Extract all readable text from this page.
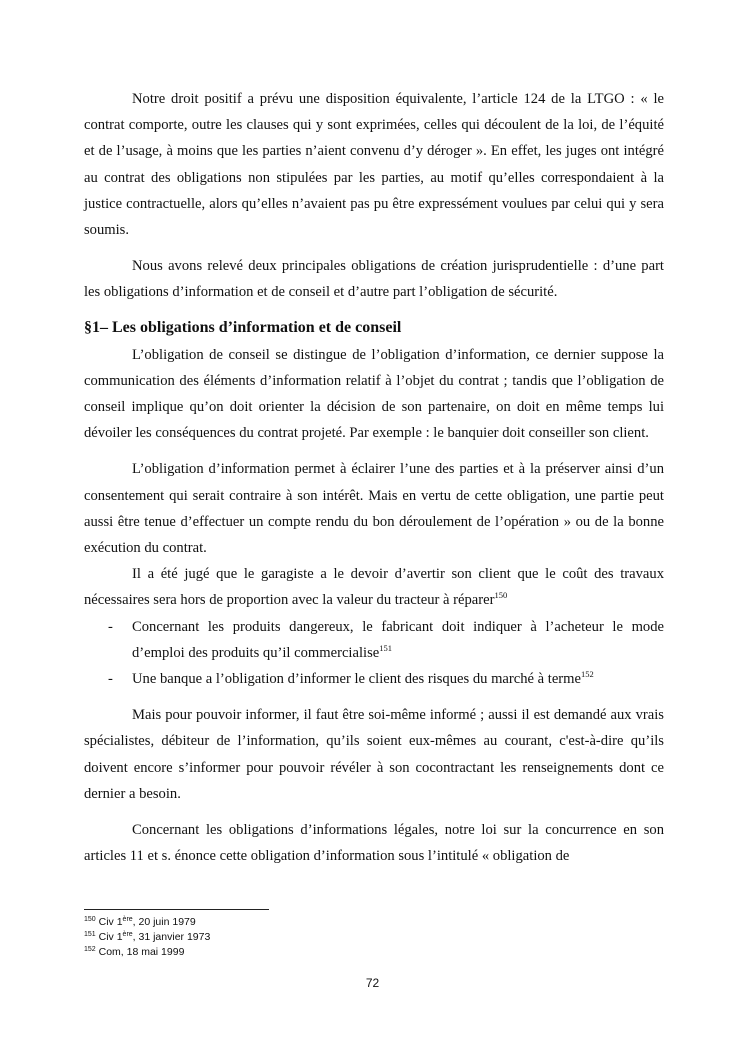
Notre droit positif a prévu une disposition équivalente, l’article 124 de la LTGO : « le contrat comporte, outre les clauses qui y sont exprimées, celles qui découlent de la loi, de l’équité et de l’usage, à moins que les parties n’aient convenu d’y déroger ». En effet, les juges ont intégré au contrat des obligations non stipulées par les parties, au motif qu’elles correspondaient à la justice contractuelle, alors qu’elles n’avaient pas pu être expressément voulues par celui qui y sera soumis.

Nous avons relevé deux principales obligations de création jurisprudentielle : d’une part les obligations d’information et de conseil et d’autre part l’obligation de sécurité.

§1– Les obligations d’information et de conseil

L’obligation de conseil se distingue de l’obligation d’information, ce dernier suppose la communication des éléments d’information relatif à l’objet du contrat ; tandis que l’obligation de conseil implique qu’on doit orienter la décision de son partenaire, on doit en même temps lui dévoiler les conséquences du contrat projeté. Par exemple : le banquier doit conseiller son client.

L’obligation d’information permet à éclairer l’une des parties et à la préserver ainsi d’un consentement qui serait contraire à son intérêt. Mais en vertu de cette obligation, une partie peut aussi être tenue d’effectuer un compte rendu du bon déroulement de l’opération » ou de la bonne exécution du contrat.

Il a été jugé que le garagiste a le devoir d’avertir son client que le coût des travaux nécessaires sera hors de proportion avec la valeur du tracteur à réparer$^{150}$

- Concernant les produits dangereux, le fabricant doit indiquer à l’acheteur le mode d’emploi des produits qu’il commercialise$^{151}$
- Une banque a l’obligation d’informer le client des risques du marché à terme$^{152}$

Mais pour pouvoir informer, il faut être soi-même informé ; aussi il est demandé aux vrais spécialistes, débiteur de l’information, qu’ils soient eux-mêmes au courant, c'est-à-dire qu’ils doivent encore s’informer pour pouvoir révéler à son cocontractant les renseignements dont ce dernier a besoin.

Concernant les obligations d’informations légales, notre loi sur la concurrence en son articles 11 et s. énonce cette obligation d’information sous l’intitulé « obligation de

$^{150}$ Civ 1ère, 20 juin 1979
$^{151}$ Civ 1ère, 31 janvier 1973
$^{152}$ Com, 18 mai 1999
72
